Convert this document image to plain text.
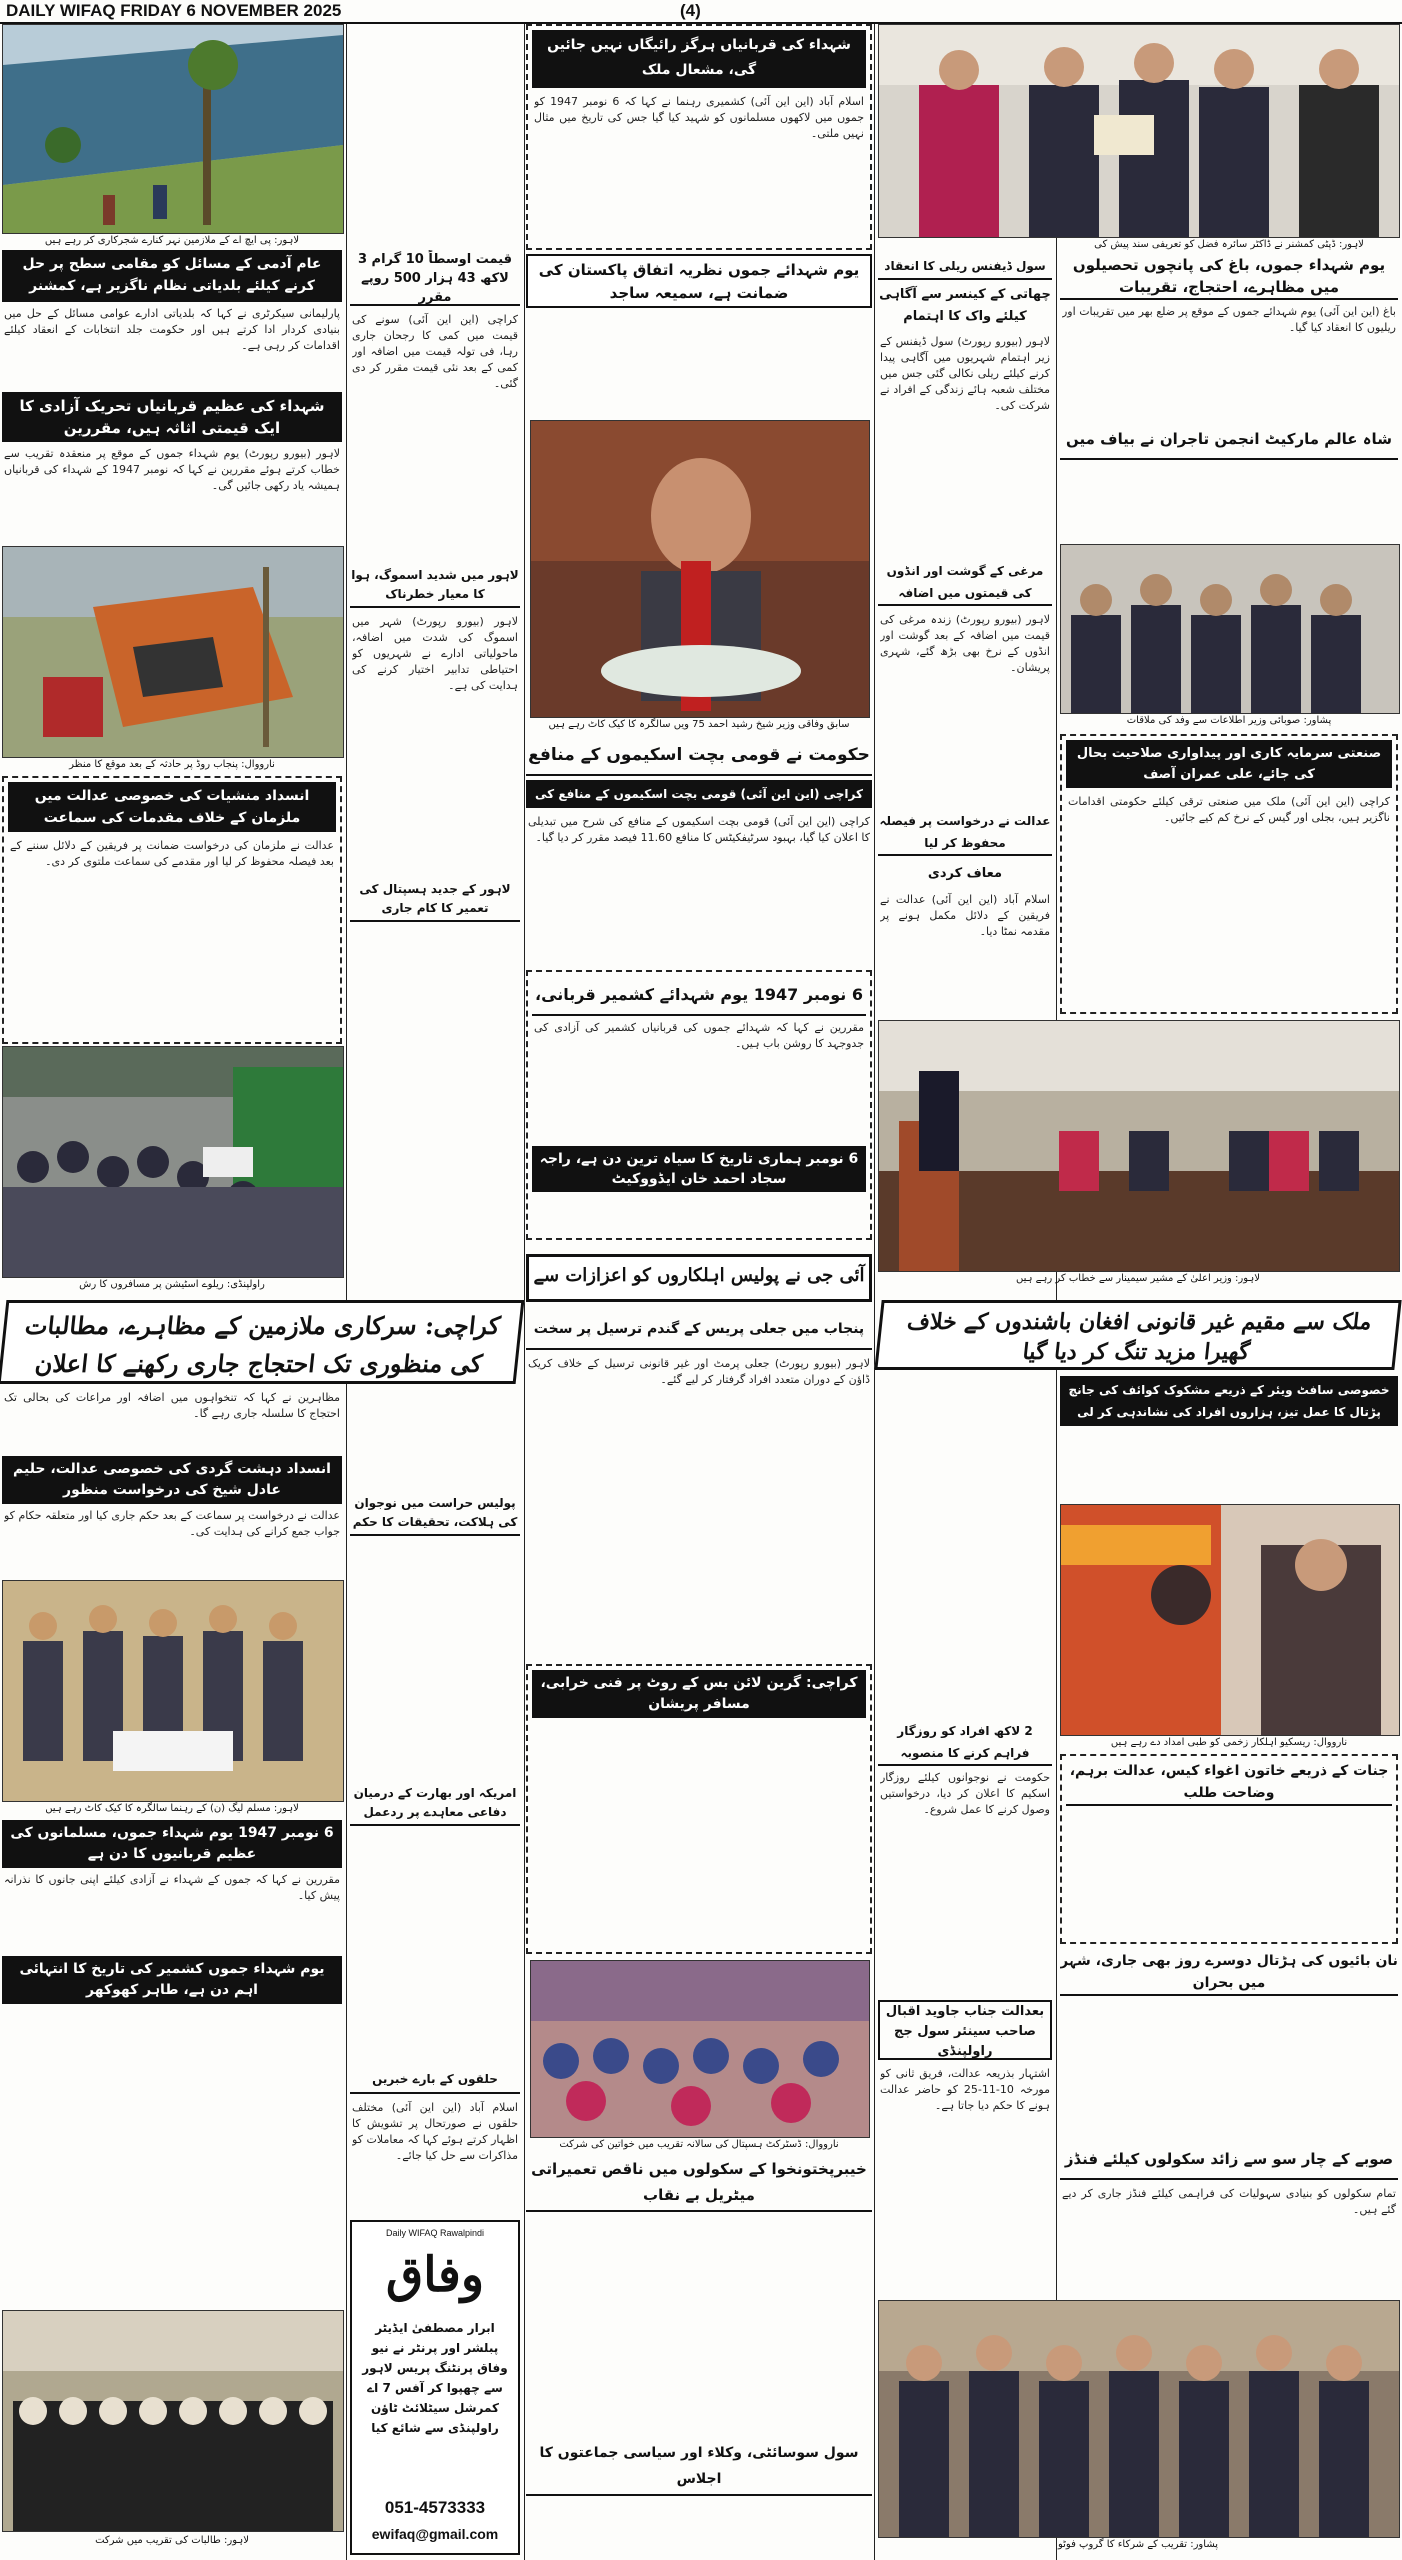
DAILY WIFAQ FRIDAY 6 NOVEMBER 2025	(4)
لاہور: پی ایچ اے کے ملازمین نہر کنارے شجرکاری کر رہے ہیں
عام آدمی کے مسائل کو مقامی سطح پر حل کرنے کیلئے بلدیاتی نظام ناگزیر ہے، کمشنر
پارلیمانی سیکرٹری نے کہا کہ بلدیاتی ادارے عوامی مسائل کے حل میں بنیادی کردار ادا کرتے ہیں اور حکومت جلد انتخابات کے انعقاد کیلئے اقدامات کر رہی ہے۔
شہداء کی عظیم قربانیاں تحریک آزادی کا ایک قیمتی اثاثہ ہیں، مقررین
لاہور (بیورو رپورٹ) یوم شہداء جموں کے موقع پر منعقدہ تقریب سے خطاب کرتے ہوئے مقررین نے کہا کہ نومبر 1947 کے شہداء کی قربانیاں ہمیشہ یاد رکھی جائیں گی۔
نارووال: پنجاب روڈ پر حادثہ کے بعد موقع کا منظر
انسداد منشیات کی خصوصی عدالت میں ملزمان کے خلاف مقدمات کی سماعت
عدالت نے ملزمان کی درخواست ضمانت پر فریقین کے دلائل سننے کے بعد فیصلہ محفوظ کر لیا اور مقدمے کی سماعت ملتوی کر دی۔
راولپنڈی: ریلوے اسٹیشن پر مسافروں کا رش
کراچی: سرکاری ملازمین کے مظاہرے، مطالبات کی منظوری تک احتجاج جاری رکھنے کا اعلان
مظاہرین نے کہا کہ تنخواہوں میں اضافہ اور مراعات کی بحالی تک احتجاج کا سلسلہ جاری رہے گا۔
انسداد دہشت گردی کی خصوصی عدالت، حلیم عادل شیخ کی درخواست منظور
عدالت نے درخواست پر سماعت کے بعد حکم جاری کیا اور متعلقہ حکام کو جواب جمع کرانے کی ہدایت کی۔
لاہور: مسلم لیگ (ن) کے رہنما سالگرہ کا کیک کاٹ رہے ہیں
6 نومبر 1947 یوم شہداء جموں، مسلمانوں کی عظیم قربانیوں کا دن ہے
مقررین نے کہا کہ جموں کے شہداء نے آزادی کیلئے اپنی جانوں کا نذرانہ پیش کیا۔
یوم شہداء جموں کشمیر کی تاریخ کا انتہائی اہم دن ہے، طاہر کھوکھر
لاہور: طالبات کی تقریب میں شرکت
قیمت اوسطاً 10 گرام 3 لاکھ 43 ہزار 500 روپے مقرر
کراچی (این این آئی) سونے کی قیمت میں کمی کا رجحان جاری رہا، فی تولہ قیمت میں اضافہ اور کمی کے بعد نئی قیمت مقرر کر دی گئی۔
لاہور میں شدید اسموگ، ہوا کا معیار خطرناک
لاہور (بیورو رپورٹ) شہر میں اسموگ کی شدت میں اضافہ، ماحولیاتی ادارے نے شہریوں کو احتیاطی تدابیر اختیار کرنے کی ہدایت کی ہے۔
لاہور کے جدید ہسپتال کی تعمیر کا کام جاری
پولیس حراست میں نوجوان کی ہلاکت، تحقیقات کا حکم
امریکہ اور بھارت کے درمیان دفاعی معاہدے پر ردعمل
حلقوں کے بارے خبریں
اسلام آباد (این این آئی) مختلف حلقوں نے صورتحال پر تشویش کا اظہار کرتے ہوئے کہا کہ معاملات کو مذاکرات سے حل کیا جائے۔
Daily WIFAQ Rawalpindi
وفاق
ابرار مصطفیٰ ایڈیٹر پبلشر اور پرنٹر نے نیو وفاق پرنٹنگ پریس لاہور سے چھپوا کر آفس 7 اے کمرشل سیٹلائٹ ٹاؤن راولپنڈی سے شائع کیا
051-4573333
ewifaq@gmail.com
شہداء کی قربانیاں ہرگز رائیگاں نہیں جائیں گی، مشعال ملک
اسلام آباد (این این آئی) کشمیری رہنما نے کہا کہ 6 نومبر 1947 کو جموں میں لاکھوں مسلمانوں کو شہید کیا گیا جس کی تاریخ میں مثال نہیں ملتی۔
یوم شہدائے جموں نظریہ اتفاق پاکستان کی ضمانت ہے، سمیعہ ساجد
سابق وفاقی وزیر شیخ رشید احمد 75 ویں سالگرہ کا کیک کاٹ رہے ہیں
حکومت نے قومی بچت اسکیموں کے منافع
کراچی (این این آئی) قومی بچت اسکیموں کے منافع کی
کراچی (این این آئی) قومی بچت اسکیموں کے منافع کی شرح میں تبدیلی کا اعلان کیا گیا، بہبود سرٹیفکیٹس کا منافع 11.60 فیصد مقرر کر دیا گیا۔
6 نومبر 1947 یوم شہدائے کشمیر قربانی،
مقررین نے کہا کہ شہدائے جموں کی قربانیاں کشمیر کی آزادی کی جدوجہد کا روشن باب ہیں۔
6 نومبر ہماری تاریخ کا سیاہ ترین دن ہے، راجہ سجاد احمد خان ایڈووکیٹ
پنجاب میں جعلی پریس کے گندم ترسیل پر سخت
لاہور (بیورو رپورٹ) جعلی پرمٹ اور غیر قانونی ترسیل کے خلاف کریک ڈاؤن کے دوران متعدد افراد گرفتار کر لیے گئے۔
کراچی: گرین لائن بس کے روٹ پر فنی خرابی، مسافر پریشان
نارووال: ڈسٹرکٹ ہسپتال کی سالانہ تقریب میں خواتین کی شرکت
خیبرپختونخوا کے سکولوں میں ناقص تعمیراتی میٹریل بے نقاب
سول سوسائٹی، وکلاء اور سیاسی جماعتوں کا اجلاس
آئی جی نے پولیس اہلکاروں کو اعزازات سے
سول ڈیفنس ریلی کا انعقاد
چھاتی کے کینسر سے آگاہی کیلئے واک کا اہتمام
لاہور (بیورو رپورٹ) سول ڈیفنس کے زیر اہتمام شہریوں میں آگاہی پیدا کرنے کیلئے ریلی نکالی گئی جس میں مختلف شعبہ ہائے زندگی کے افراد نے شرکت کی۔
مرغی کے گوشت اور انڈوں کی قیمتوں میں اضافہ
لاہور (بیورو رپورٹ) زندہ مرغی کی قیمت میں اضافہ کے بعد گوشت اور انڈوں کے نرخ بھی بڑھ گئے، شہری پریشان۔
عدالت نے درخواست پر فیصلہ محفوظ کر لیا
معاف کردی
اسلام آباد (این این آئی) عدالت نے فریقین کے دلائل مکمل ہونے پر مقدمہ نمٹا دیا۔
2 لاکھ افراد کو روزگار فراہم کرنے کا منصوبہ
حکومت نے نوجوانوں کیلئے روزگار اسکیم کا اعلان کر دیا، درخواستیں وصول کرنے کا عمل شروع۔
بعدالت جناب جاوید اقبال صاحب سینئر سول جج راولپنڈی
اشتہار بذریعہ عدالت، فریق ثانی کو مورخہ 10-11-25 کو حاضر عدالت ہونے کا حکم دیا جاتا ہے۔
لاہور: ڈپٹی کمشنر نے ڈاکٹر سائرہ فضل کو تعریفی سند پیش کی
یوم شہداء جموں، باغ کی پانچوں تحصیلوں میں مظاہرے، احتجاج، تقریبات
باغ (این این آئی) یوم شہدائے جموں کے موقع پر ضلع بھر میں تقریبات اور ریلیوں کا انعقاد کیا گیا۔
شاہ عالم مارکیٹ انجمن تاجران نے بیاف میں
پشاور: صوبائی وزیر اطلاعات سے وفد کی ملاقات
صنعتی سرمایہ کاری اور پیداواری صلاحیت بحال کی جائے، علی عمران آصف
کراچی (این این آئی) ملک میں صنعتی ترقی کیلئے حکومتی اقدامات ناگزیر ہیں، بجلی اور گیس کے نرخ کم کیے جائیں۔
لاہور: وزیر اعلیٰ کے مشیر سیمینار سے خطاب کر رہے ہیں
ملک سے مقیم غیر قانونی افغان باشندوں کے خلاف گھیرا مزید تنگ کر دیا گیا
خصوصی سافٹ ویئر کے ذریعے مشکوک کوائف کی جانچ پڑتال کا عمل تیز، ہزاروں افراد کی نشاندہی کر لی
نارووال: ریسکیو اہلکار زخمی کو طبی امداد دے رہے ہیں
جنات کے ذریعے خاتون اغواء کیس، عدالت برہم، وضاحت طلب
نان بائیوں کی ہڑتال دوسرے روز بھی جاری، شہر میں بحران
صوبے کے چار سو سے زائد سکولوں کیلئے فنڈز
تمام سکولوں کو بنیادی سہولیات کی فراہمی کیلئے فنڈز جاری کر دیے گئے ہیں۔
پشاور: تقریب کے شرکاء کا گروپ فوٹو
